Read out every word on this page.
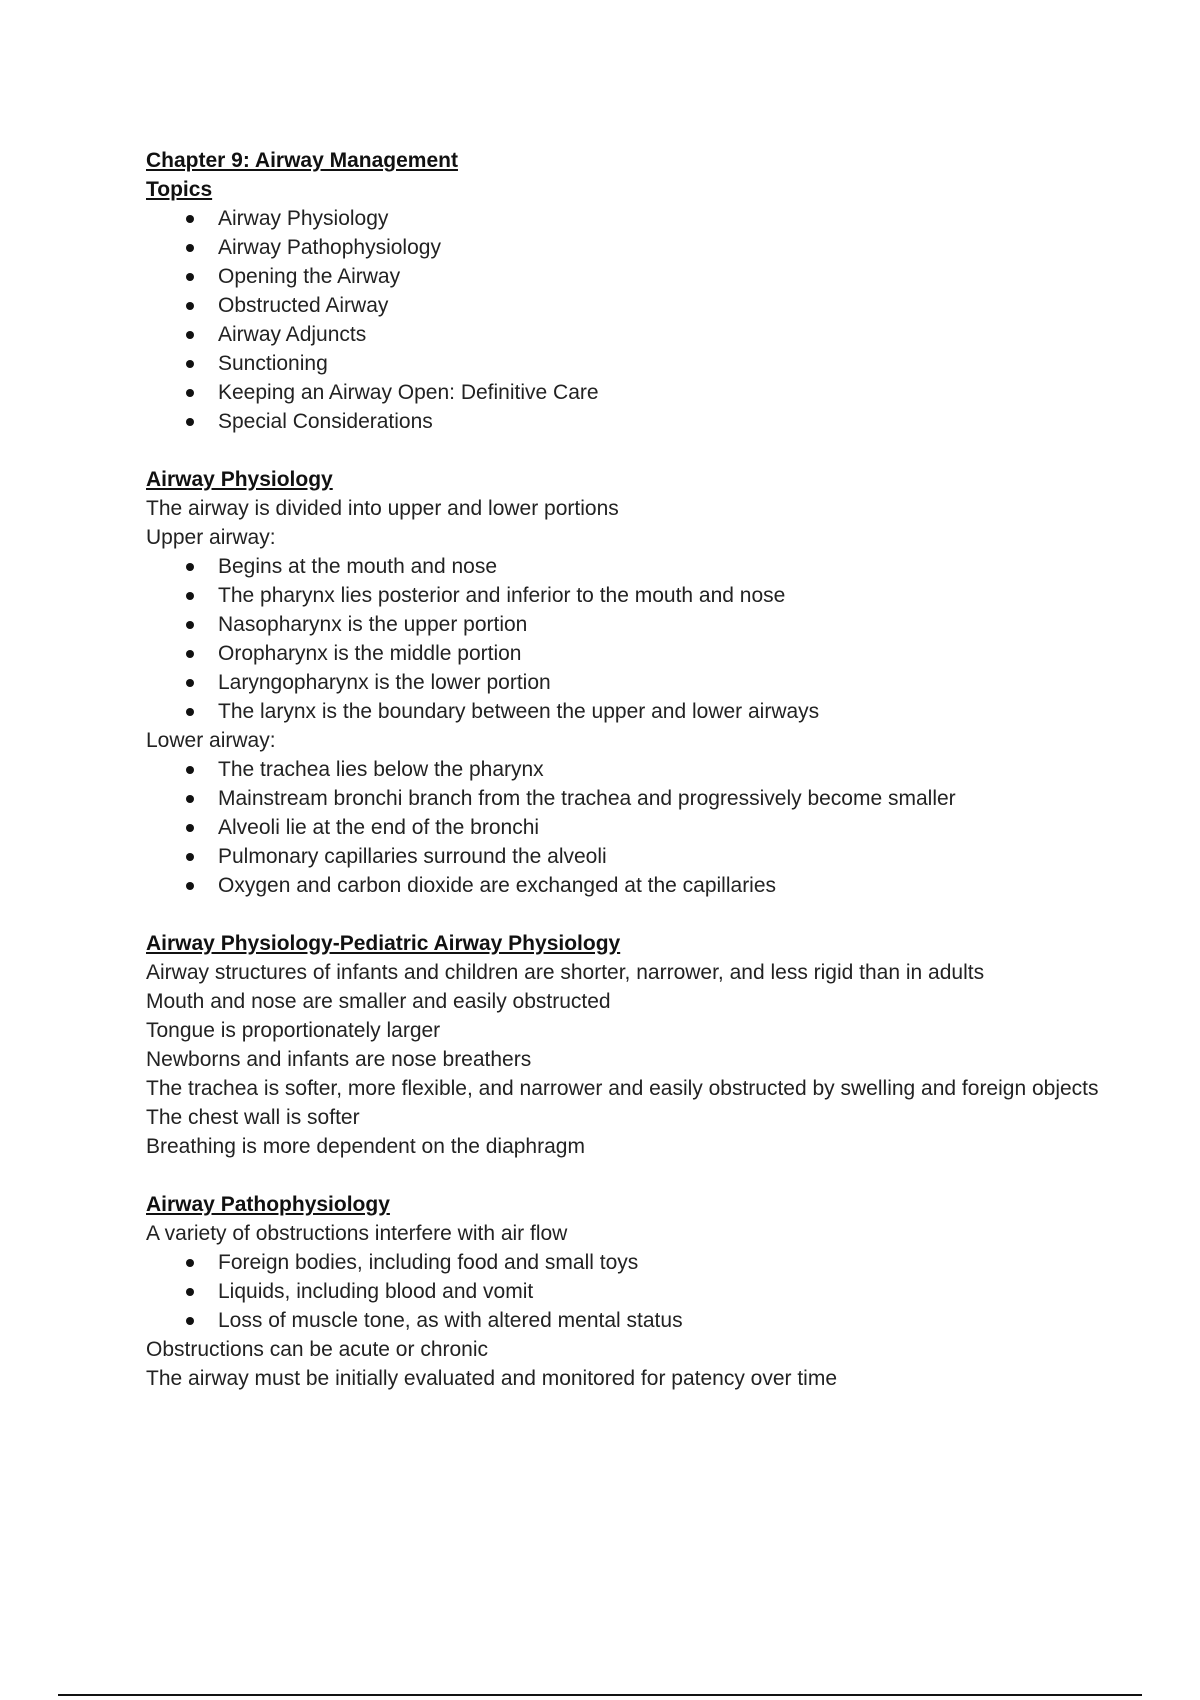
Chapter 9: Airway Management
Topics
Airway Physiology
Airway Pathophysiology
Opening the Airway
Obstructed Airway
Airway Adjuncts
Sunctioning
Keeping an Airway Open: Definitive Care
Special Considerations
Airway Physiology
The airway is divided into upper and lower portions
Upper airway:
Begins at the mouth and nose
The pharynx lies posterior and inferior to the mouth and nose
Nasopharynx is the upper portion
Oropharynx is the middle portion
Laryngopharynx is the lower portion
The larynx is the boundary between the upper and lower airways
Lower airway:
The trachea lies below the pharynx
Mainstream bronchi branch from the trachea and progressively become smaller
Alveoli lie at the end of the bronchi
Pulmonary capillaries surround the alveoli
Oxygen and carbon dioxide are exchanged at the capillaries
Airway Physiology-Pediatric Airway Physiology
Airway structures of infants and children are shorter, narrower, and less rigid than in adults
Mouth and nose are smaller and easily obstructed
Tongue is proportionately larger
Newborns and infants are nose breathers
The trachea is softer, more flexible, and narrower and easily obstructed by swelling and foreign objects
The chest wall is softer
Breathing is more dependent on the diaphragm
Airway Pathophysiology
A variety of obstructions interfere with air flow
Foreign bodies, including food and small toys
Liquids, including blood and vomit
Loss of muscle tone, as with altered mental status
Obstructions can be acute or chronic
The airway must be initially evaluated and monitored for patency over time
